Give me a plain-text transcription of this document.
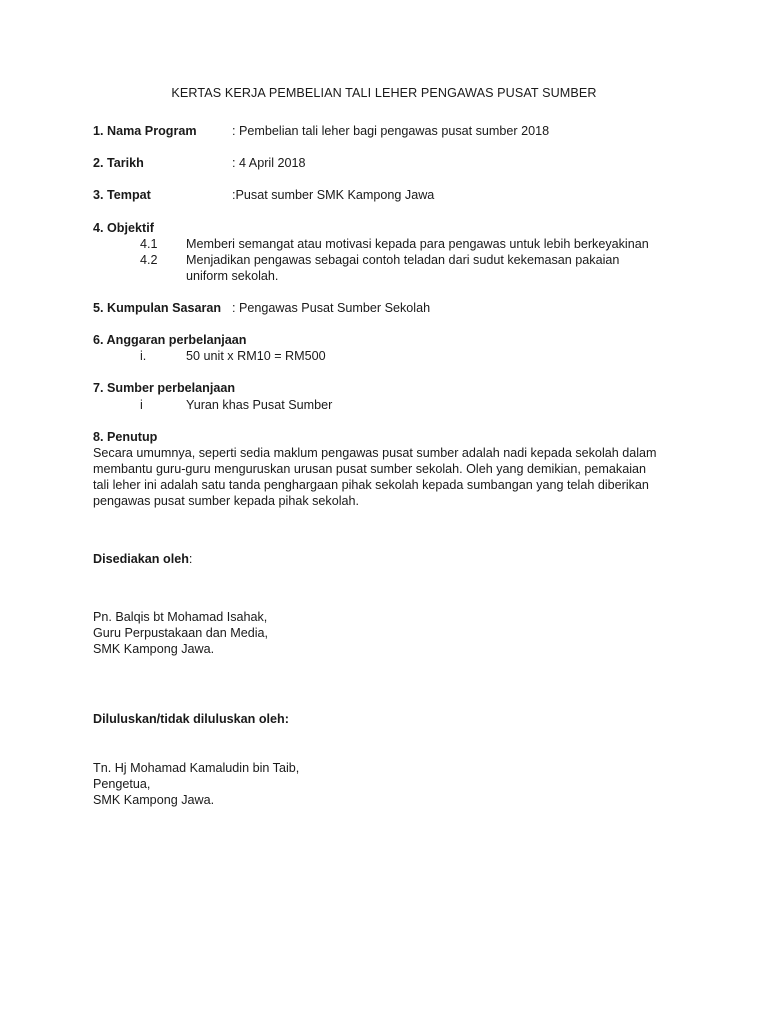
KERTAS KERJA PEMBELIAN TALI LEHER PENGAWAS PUSAT SUMBER
1. Nama Program	: Pembelian tali leher bagi pengawas pusat sumber 2018
2. Tarikh	: 4 April 2018
3. Tempat	:Pusat sumber SMK Kampong Jawa
4. Objektif
4.1 Memberi semangat atau motivasi kepada para pengawas untuk lebih berkeyakinan
4.2 Menjadikan pengawas sebagai contoh teladan dari sudut kekemasan pakaian
uniform sekolah.
5. Kumpulan Sasaran : Pengawas Pusat Sumber Sekolah
6. Anggaran perbelanjaan
i.	50 unit x RM10 = RM500
7. Sumber perbelanjaan
i	Yuran khas Pusat Sumber
8. Penutup
Secara umumnya, seperti sedia maklum pengawas pusat sumber adalah nadi kepada sekolah dalam
membantu guru-guru menguruskan urusan pusat sumber sekolah. Oleh yang demikian, pemakaian
tali leher ini adalah satu tanda penghargaan pihak sekolah kepada sumbangan yang telah diberikan
pengawas pusat sumber kepada pihak sekolah.
Disediakan oleh:
Pn. Balqis bt Mohamad Isahak,
Guru Perpustakaan dan Media,
SMK Kampong Jawa.
Diluluskan/tidak diluluskan oleh:
Tn. Hj Mohamad Kamaludin bin Taib,
Pengetua,
SMK Kampong Jawa.
